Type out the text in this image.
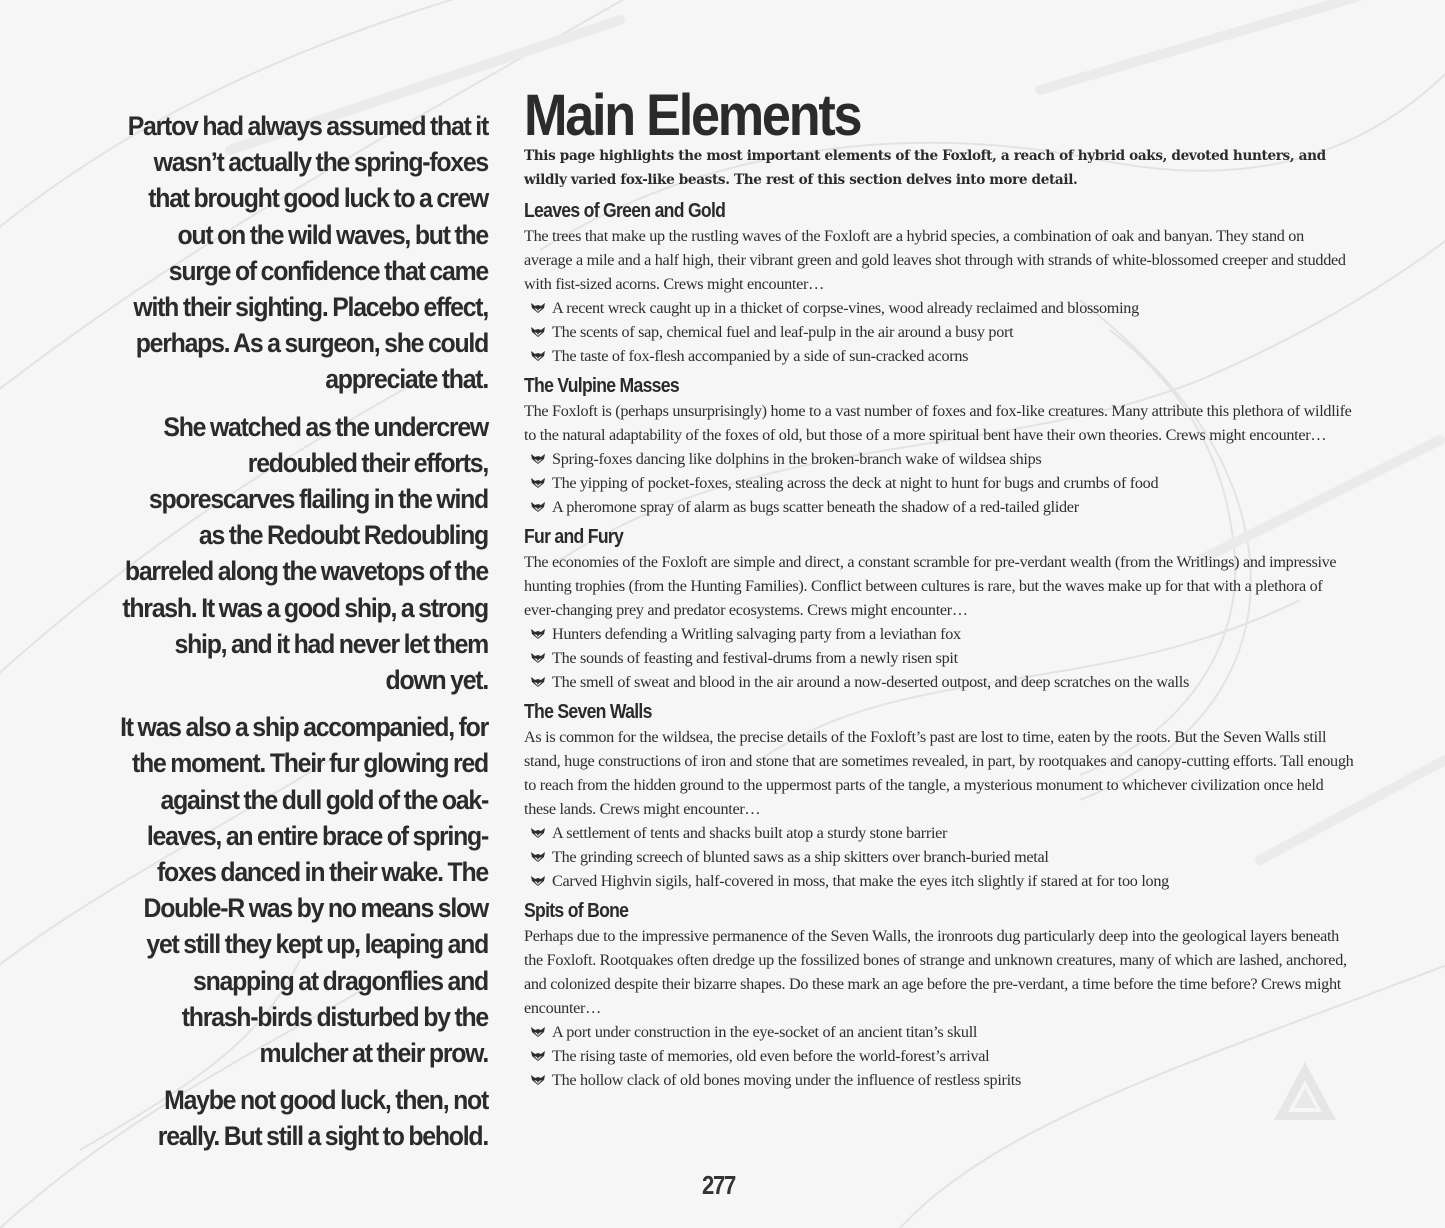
Partov had always assumed that it wasn’t actually the spring-foxes that brought good luck to a crew out on the wild waves, but the surge of confidence that came with their sighting. Placebo effect, perhaps. As a surgeon, she could appreciate that.

She watched as the undercrew redoubled their efforts, sporescarves flailing in the wind as the Redoubt Redoubling barreled along the wavetops of the thrash. It was a good ship, a strong ship, and it had never let them down yet.

It was also a ship accompanied, for the moment. Their fur glowing red against the dull gold of the oak-leaves, an entire brace of spring-foxes danced in their wake. The Double-R was by no means slow yet still they kept up, leaping and snapping at dragonflies and thrash-birds disturbed by the mulcher at their prow.

Maybe not good luck, then, not really. But still a sight to behold.

Main Elements

This page highlights the most important elements of the Foxloft, a reach of hybrid oaks, devoted hunters, and wildly varied fox-like beasts. The rest of this section delves into more detail.

Leaves of Green and Gold

The trees that make up the rustling waves of the Foxloft are a hybrid species, a combination of oak and banyan. They stand on average a mile and a half high, their vibrant green and gold leaves shot through with strands of white-blossomed creeper and studded with fist-sized acorns. Crews might encounter…

A recent wreck caught up in a thicket of corpse-vines, wood already reclaimed and blossoming
The scents of sap, chemical fuel and leaf-pulp in the air around a busy port
The taste of fox-flesh accompanied by a side of sun-cracked acorns
The Vulpine Masses

The Foxloft is (perhaps unsurprisingly) home to a vast number of foxes and fox-like creatures. Many attribute this plethora of wildlife to the natural adaptability of the foxes of old, but those of a more spiritual bent have their own theories. Crews might encounter…

Spring-foxes dancing like dolphins in the broken-branch wake of wildsea ships
The yipping of pocket-foxes, stealing across the deck at night to hunt for bugs and crumbs of food
A pheromone spray of alarm as bugs scatter beneath the shadow of a red-tailed glider
Fur and Fury

The economies of the Foxloft are simple and direct, a constant scramble for pre-verdant wealth (from the Writlings) and impressive hunting trophies (from the Hunting Families). Conflict between cultures is rare, but the waves make up for that with a plethora of ever-changing prey and predator ecosystems. Crews might encounter…

Hunters defending a Writling salvaging party from a leviathan fox
The sounds of feasting and festival-drums from a newly risen spit
The smell of sweat and blood in the air around a now-deserted outpost, and deep scratches on the walls
The Seven Walls

As is common for the wildsea, the precise details of the Foxloft’s past are lost to time, eaten by the roots. But the Seven Walls still stand, huge constructions of iron and stone that are sometimes revealed, in part, by rootquakes and canopy-cutting efforts. Tall enough to reach from the hidden ground to the uppermost parts of the tangle, a mysterious monument to whichever civilization once held these lands. Crews might encounter…

A settlement of tents and shacks built atop a sturdy stone barrier
The grinding screech of blunted saws as a ship skitters over branch-buried metal
Carved Highvin sigils, half-covered in moss, that make the eyes itch slightly if stared at for too long
Spits of Bone

Perhaps due to the impressive permanence of the Seven Walls, the ironroots dug particularly deep into the geological layers beneath the Foxloft. Rootquakes often dredge up the fossilized bones of strange and unknown creatures, many of which are lashed, anchored, and colonized despite their bizarre shapes. Do these mark an age before the pre-verdant, a time before the time before? Crews might encounter…

A port under construction in the eye-socket of an ancient titan’s skull
The rising taste of memories, old even before the world-forest’s arrival
The hollow clack of old bones moving under the influence of restless spirits
277
